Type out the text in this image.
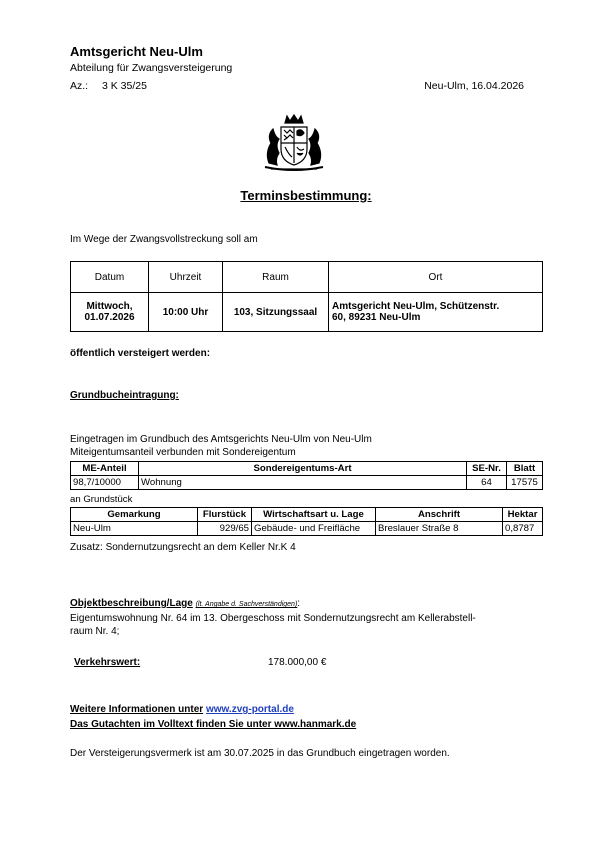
Amtsgericht Neu-Ulm
Abteilung für Zwangsversteigerung
Az.: 3 K 35/25	Neu-Ulm, 16.04.2026
Terminsbestimmung:
Im Wege der Zwangsvollstreckung soll am
Datum	Uhrzeit	Raum	Ort
Mittwoch,
01.07.2026	10:00 Uhr	103, Sitzungssaal	Amtsgericht Neu-Ulm, Schützenstr.
60, 89231 Neu-Ulm
öffentlich versteigert werden:
Grundbucheintragung:
Eingetragen im Grundbuch des Amtsgerichts Neu-Ulm von Neu-Ulm
Miteigentumsanteil verbunden mit Sondereigentum
ME-Anteil	Sondereigentums-Art	SE-Nr.	Blatt
98,7/10000	Wohnung	64	17575
an Grundstück
Gemarkung	Flurstück	Wirtschaftsart u. Lage	Anschrift	Hektar
Neu-Ulm	929/65	Gebäude- und Freifläche	Breslauer Straße 8	0,8787
Zusatz: Sondernutzungsrecht an dem Keller Nr.K 4
Objektbeschreibung/Lage (lt. Angabe d. Sachverständigen):
Eigentumswohnung Nr. 64 im 13. Obergeschoss mit Sondernutzungsrecht am Kellerabstell-
raum Nr. 4;
Verkehrswert:	178.000,00 €
Weitere Informationen unter www.zvg-portal.de
Das Gutachten im Volltext finden Sie unter www.hanmark.de
Der Versteigerungsvermerk ist am 30.07.2025 in das Grundbuch eingetragen worden.
